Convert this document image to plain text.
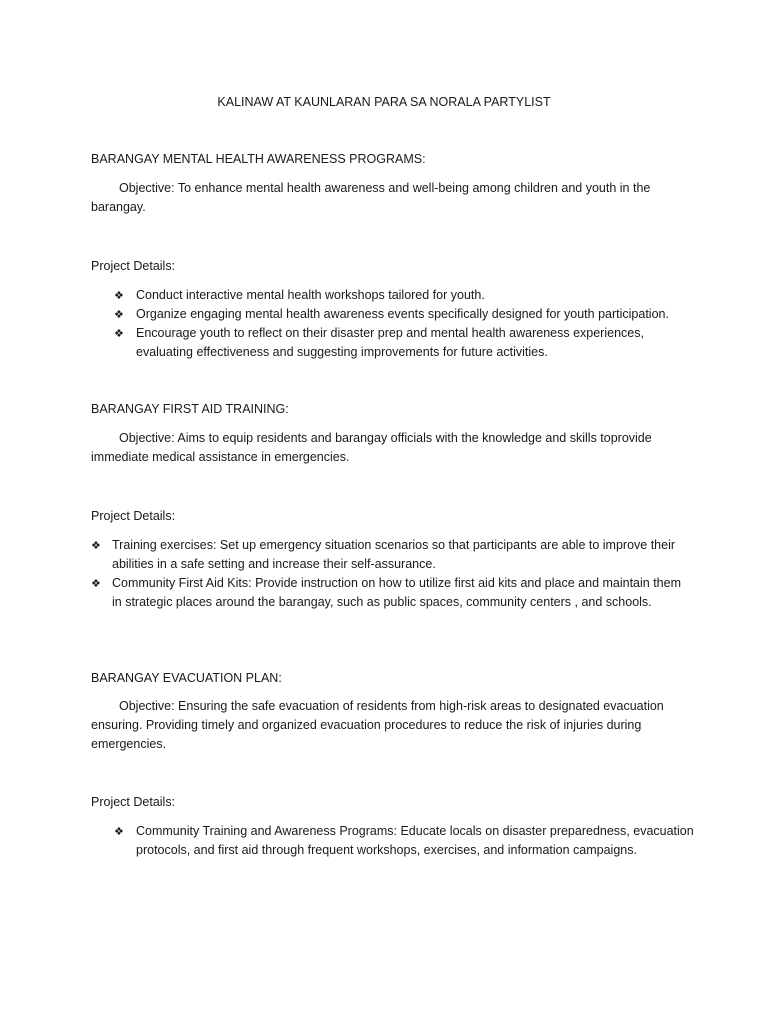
KALINAW AT KAUNLARAN PARA SA NORALA PARTYLIST
BARANGAY MENTAL HEALTH AWARENESS PROGRAMS:

Objective: To enhance mental health awareness and well-being among children and youth in the barangay.

Project Details:

❖ Conduct interactive mental health workshops tailored for youth.
❖ Organize engaging mental health awareness events specifically designed for youth participation.
❖ Encourage youth to reflect on their disaster prep and mental health awareness experiences, evaluating effectiveness and suggesting improvements for future activities.
BARANGAY FIRST AID TRAINING:

Objective: Aims to equip residents and barangay officials with the knowledge and skills toprovide immediate medical assistance in emergencies.

Project Details:

❖ Training exercises: Set up emergency situation scenarios so that participants are able to improve their abilities in a safe setting and increase their self-assurance.
❖ Community First Aid Kits: Provide instruction on how to utilize first aid kits and place and maintain them in strategic places around the barangay, such as public spaces, community centers , and schools.
BARANGAY EVACUATION PLAN:

Objective: Ensuring the safe evacuation of residents from high-risk areas to designated evacuation ensuring. Providing timely and organized evacuation procedures to reduce the risk of injuries during emergencies.

Project Details:

❖ Community Training and Awareness Programs: Educate locals on disaster preparedness, evacuation protocols, and first aid through frequent workshops, exercises, and information campaigns.
